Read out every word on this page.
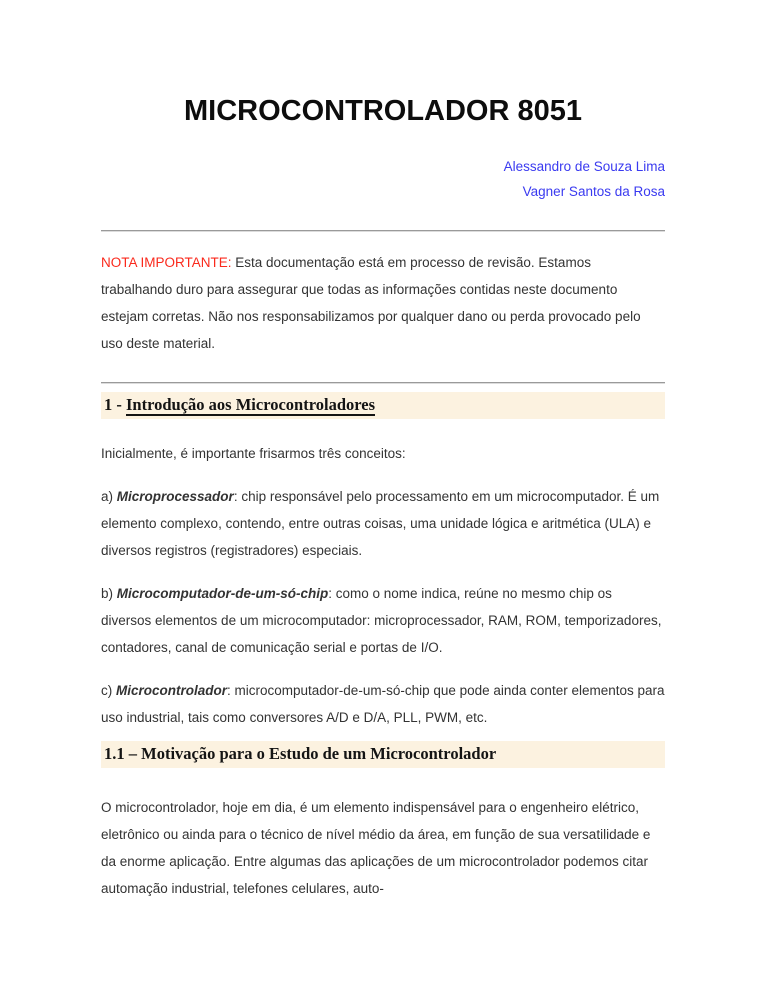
MICROCONTROLADOR 8051
Alessandro de Souza Lima
Vagner Santos da Rosa

NOTA IMPORTANTE: Esta documentação está em processo de revisão. Estamos trabalhando duro para assegurar que todas as informações contidas neste documento estejam corretas. Não nos responsabilizamos por qualquer dano ou perda provocado pelo uso deste material.

1 - Introdução aos Microcontroladores

Inicialmente, é importante frisarmos três conceitos:

a) Microprocessador: chip responsável pelo processamento em um microcomputador. É um elemento complexo, contendo, entre outras coisas, uma unidade lógica e aritmética (ULA) e diversos registros (registradores) especiais.

b) Microcomputador-de-um-só-chip: como o nome indica, reúne no mesmo chip os diversos elementos de um microcomputador: microprocessador, RAM, ROM, temporizadores, contadores, canal de comunicação serial e portas de I/O.

c) Microcontrolador: microcomputador-de-um-só-chip que pode ainda conter elementos para uso industrial, tais como conversores A/D e D/A, PLL, PWM, etc.

1.1 – Motivação para o Estudo de um Microcontrolador

O microcontrolador, hoje em dia, é um elemento indispensável para o engenheiro elétrico, eletrônico ou ainda para o técnico de nível médio da área, em função de sua versatilidade e da enorme aplicação. Entre algumas das aplicações de um microcontrolador podemos citar automação industrial, telefones celulares, auto-
